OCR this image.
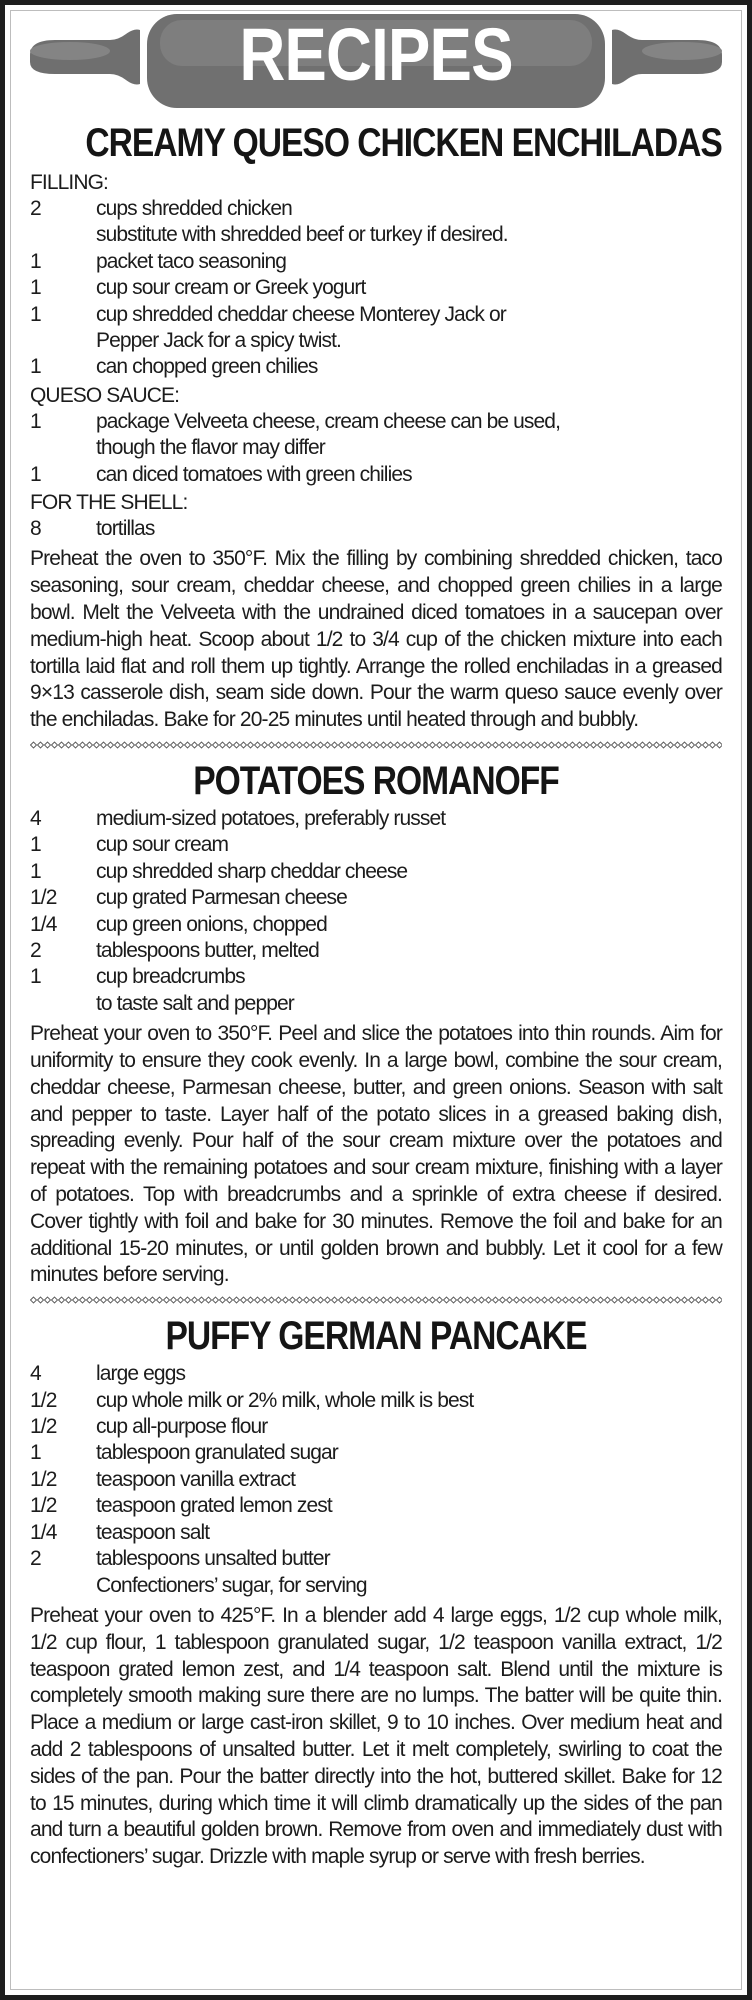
RECIPES
CREAMY QUESO CHICKEN ENCHILADAS
FILLING:
2	cups shredded chicken
substitute with shredded beef or turkey if desired.
1	packet taco seasoning
1	cup sour cream or Greek yogurt
1	cup shredded cheddar cheese Monterey Jack or
Pepper Jack for a spicy twist.
1	can chopped green chilies
QUESO SAUCE:
1	package Velveeta cheese, cream cheese can be used,
though the flavor may differ
1	can diced tomatoes with green chilies
FOR THE SHELL:
8	tortillas

Preheat the oven to 350°F. Mix the filling by combining shredded chicken, taco seasoning, sour cream, cheddar cheese, and chopped green chilies in a large bowl. Melt the Velveeta with the undrained diced tomatoes in a saucepan over medium-high heat. Scoop about 1/2 to 3/4 cup of the chicken mixture into each tortilla laid flat and roll them up tightly. Arrange the rolled enchiladas in a greased 9×13 casserole dish, seam side down. Pour the warm queso sauce evenly over the enchiladas. Bake for 20-25 minutes until heated through and bubbly.

POTATOES ROMANOFF
4	medium-sized potatoes, preferably russet
1	cup sour cream
1	cup shredded sharp cheddar cheese
1/2	cup grated Parmesan cheese
1/4	cup green onions, chopped
2	tablespoons butter, melted
1	cup breadcrumbs
to taste salt and pepper

Preheat your oven to 350°F. Peel and slice the potatoes into thin rounds. Aim for uniformity to ensure they cook evenly. In a large bowl, combine the sour cream, cheddar cheese, Parmesan cheese, butter, and green onions. Season with salt and pepper to taste. Layer half of the potato slices in a greased baking dish, spreading evenly. Pour half of the sour cream mixture over the potatoes and repeat with the remaining potatoes and sour cream mixture, finishing with a layer of potatoes. Top with breadcrumbs and a sprinkle of extra cheese if desired. Cover tightly with foil and bake for 30 minutes. Remove the foil and bake for an additional 15-20 minutes, or until golden brown and bubbly. Let it cool for a few minutes before serving.

PUFFY GERMAN PANCAKE
4	large eggs
1/2	cup whole milk or 2% milk, whole milk is best
1/2	cup all-purpose flour
1	tablespoon granulated sugar
1/2	teaspoon vanilla extract
1/2	teaspoon grated lemon zest
1/4	teaspoon salt
2	tablespoons unsalted butter
Confectioners’ sugar, for serving

Preheat your oven to 425°F. In a blender add 4 large eggs, 1/2 cup whole milk, 1/2 cup flour, 1 tablespoon granulated sugar, 1/2 teaspoon vanilla extract, 1/2 teaspoon grated lemon zest, and 1/4 teaspoon salt. Blend until the mixture is completely smooth making sure there are no lumps. The batter will be quite thin. Place a medium or large cast-iron skillet, 9 to 10 inches. Over medium heat and add 2 tablespoons of unsalted butter. Let it melt completely, swirling to coat the sides of the pan. Pour the batter directly into the hot, buttered skillet. Bake for 12 to 15 minutes, during which time it will climb dramatically up the sides of the pan and turn a beautiful golden brown. Remove from oven and immediately dust with confectioners’ sugar. Drizzle with maple syrup or serve with fresh berries.
